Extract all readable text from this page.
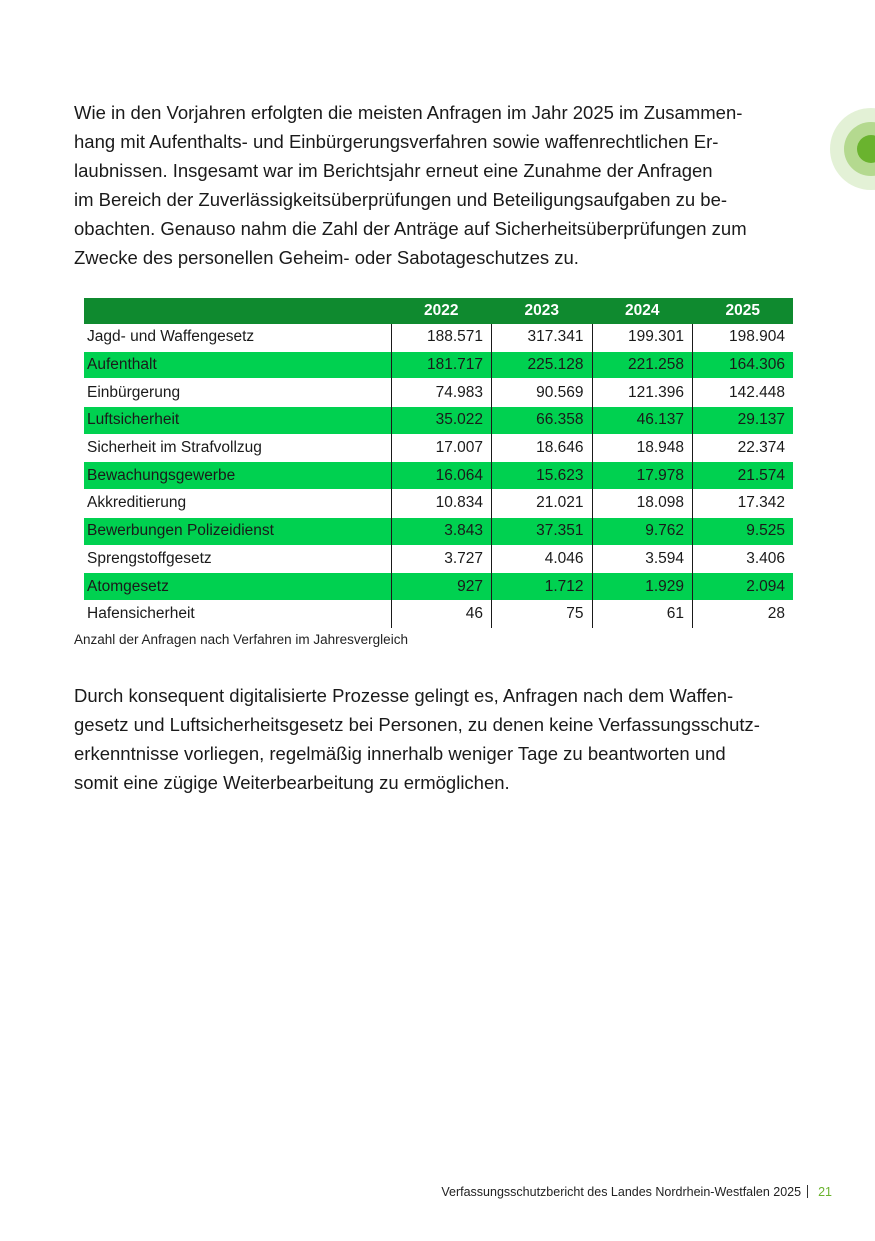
Wie in den Vorjahren erfolgten die meisten Anfragen im Jahr 2025 im Zusammen-
hang mit Aufenthalts- und Einbürgerungsverfahren sowie waffenrechtlichen Er-
laubnissen. Insgesamt war im Berichtsjahr erneut eine Zunahme der Anfragen
im Bereich der Zuverlässigkeitsüberprüfungen und Beteiligungsaufgaben zu be-
obachten. Genauso nahm die Zahl der Anträge auf Sicherheitsüberprüfungen zum
Zwecke des personellen Geheim- oder Sabotageschutzes zu.

	2022	2023	2024	2025
Jagd- und Waffengesetz	188.571	317.341	199.301	198.904
Aufenthalt	181.717	225.128	221.258	164.306
Einbürgerung	74.983	90.569	121.396	142.448
Luftsicherheit	35.022	66.358	46.137	29.137
Sicherheit im Strafvollzug	17.007	18.646	18.948	22.374
Bewachungsgewerbe	16.064	15.623	17.978	21.574
Akkreditierung	10.834	21.021	18.098	17.342
Bewerbungen Polizeidienst	3.843	37.351	9.762	9.525
Sprengstoffgesetz	3.727	4.046	3.594	3.406
Atomgesetz	927	1.712	1.929	2.094
Hafensicherheit	46	75	61	28
Anzahl der Anfragen nach Verfahren im Jahresvergleich

Durch konsequent digitalisierte Prozesse gelingt es, Anfragen nach dem Waffen-
gesetz und Luftsicherheitsgesetz bei Personen, zu denen keine Verfassungsschutz-
erkenntnisse vorliegen, regelmäßig innerhalb weniger Tage zu beantworten und
somit eine zügige Weiterbearbeitung zu ermöglichen.

Verfassungsschutzbericht des Landes Nordrhein-Westfalen 2025 21
